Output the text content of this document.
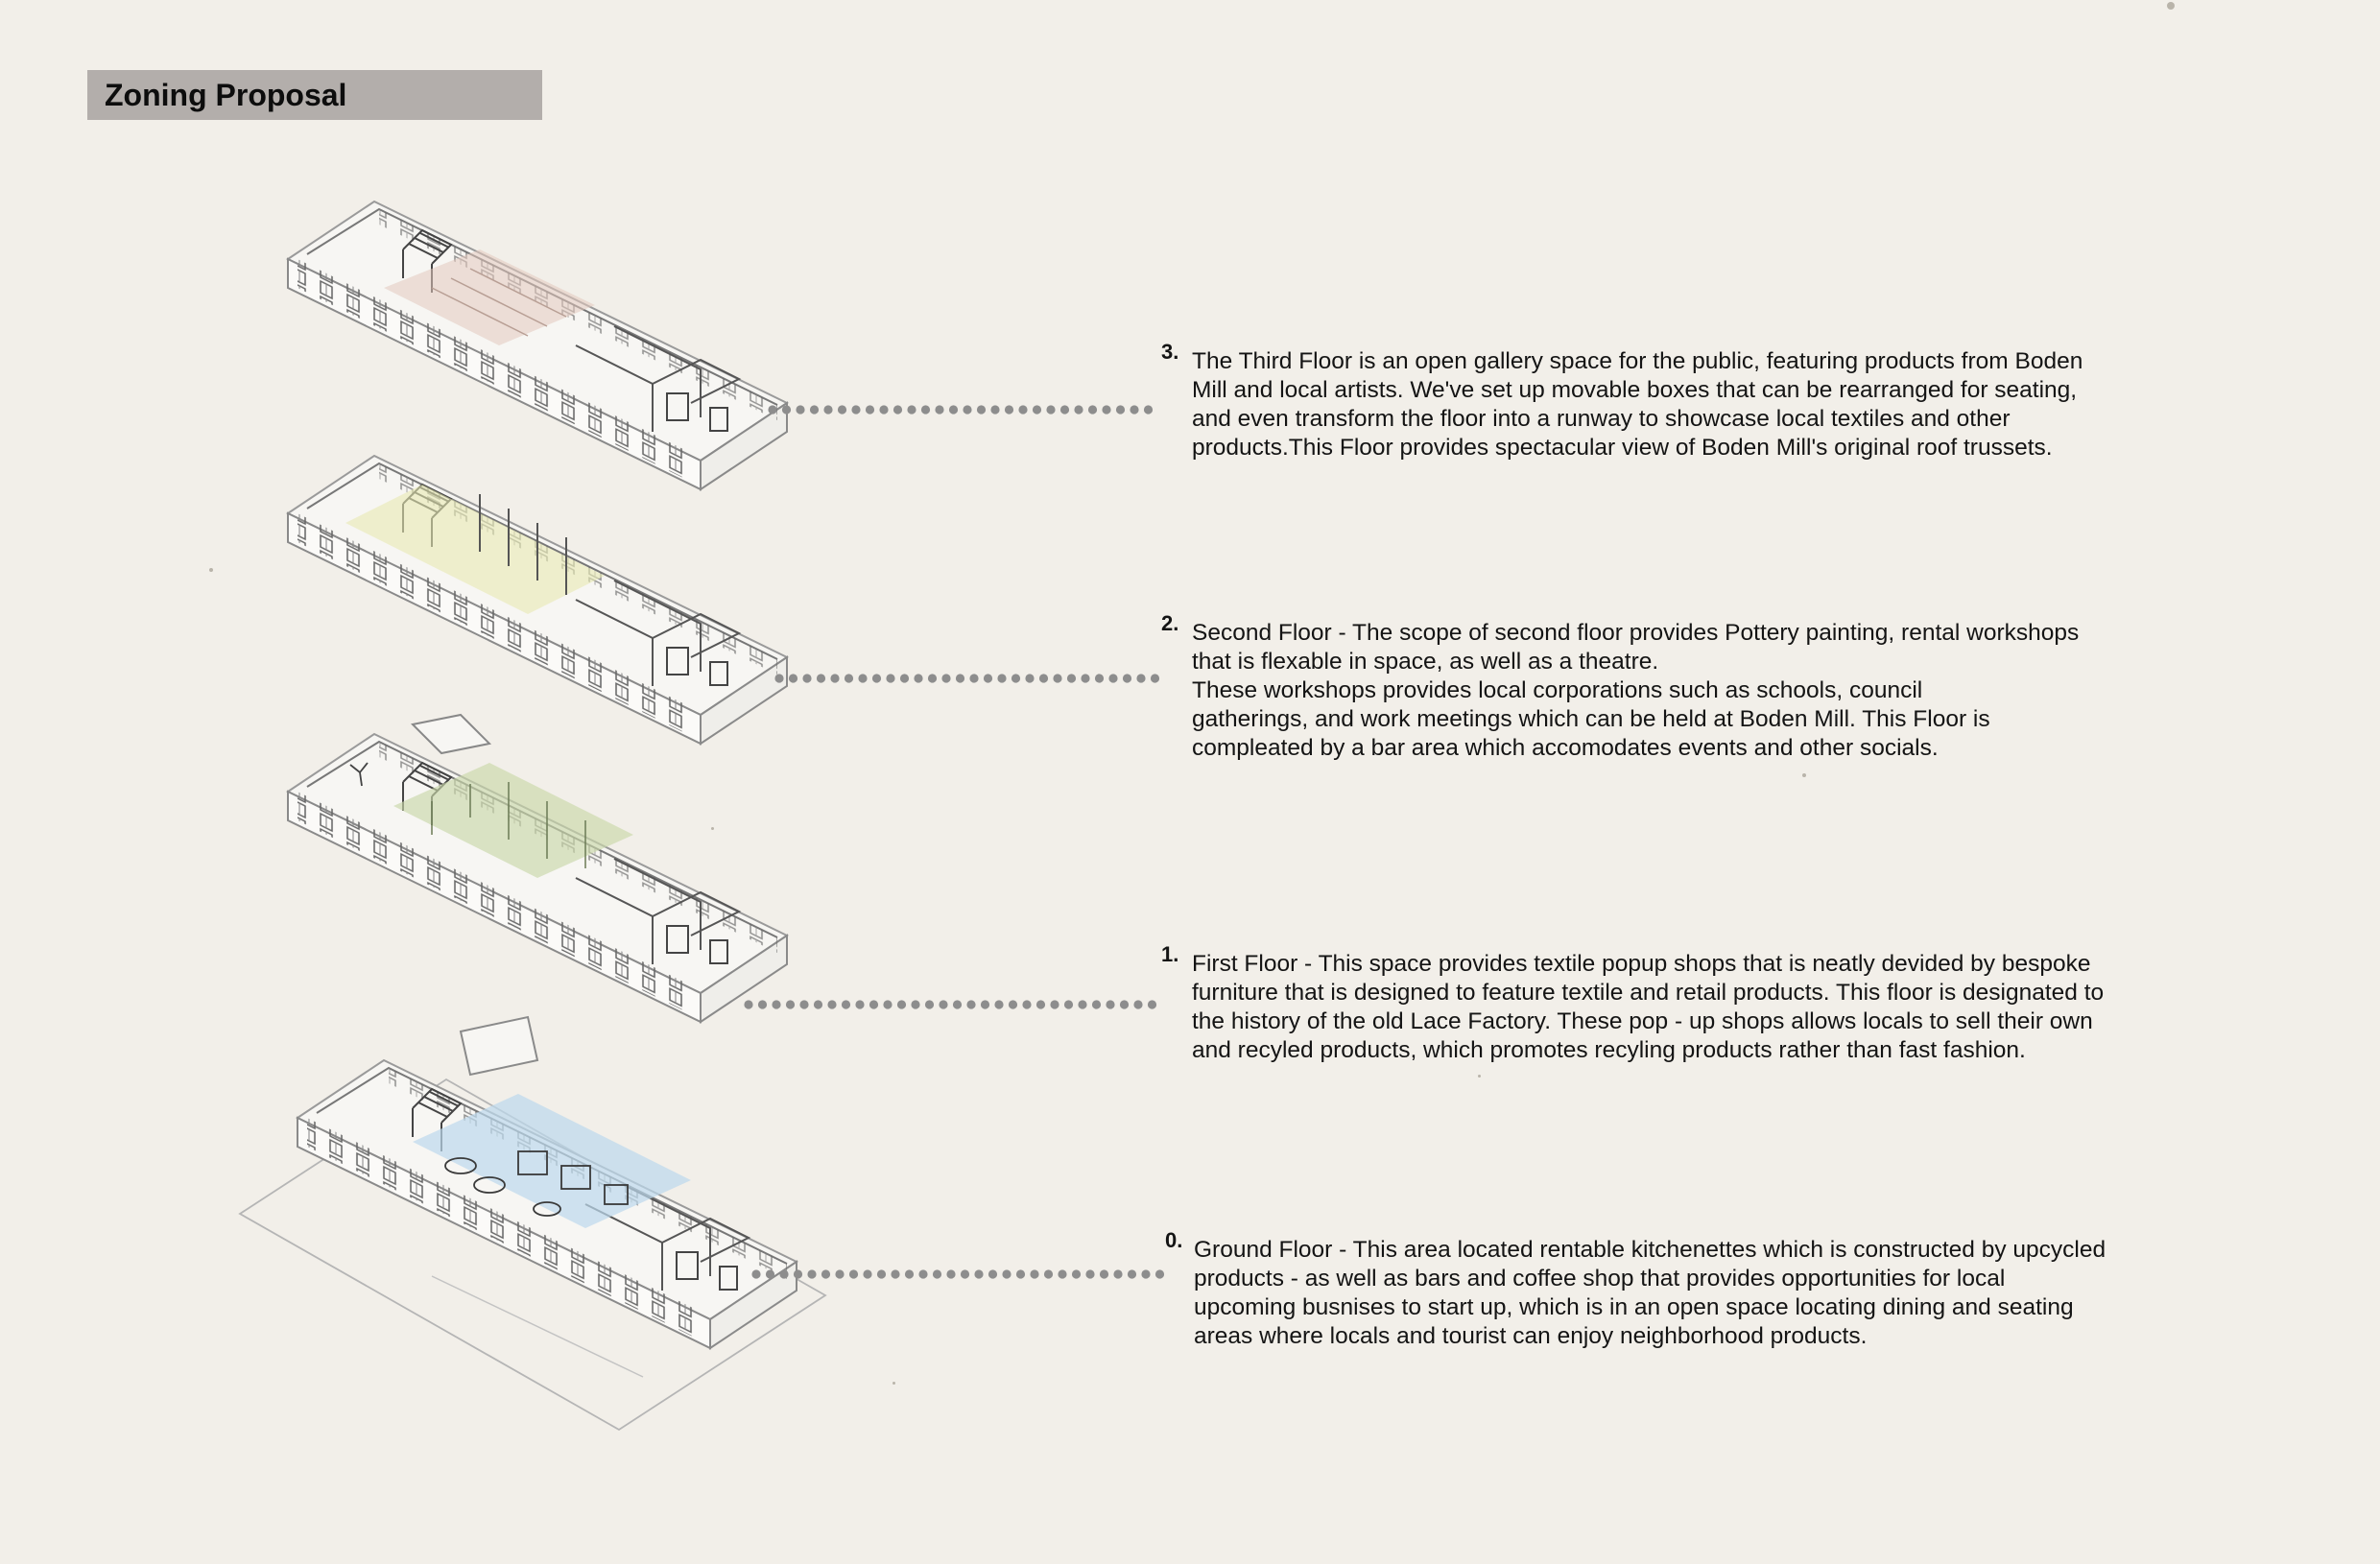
Zoning Proposal
3. The Third Floor is an open gallery space for the public, featuring products from Boden
Mill and local artists. We've set up movable boxes that can be rearranged for seating,
and even transform the floor into a runway to showcase local textiles and other
products.This Floor provides spectacular view of Boden Mill's original roof trussets.
2. Second Floor - The scope of second floor provides Pottery painting, rental workshops
that is flexable in space, as well as a theatre.
These workshops provides local corporations such as schools, council
gatherings, and work meetings which can be held at Boden Mill. This Floor is
compleated by a bar area which accomodates events and other socials.
1. First Floor - This space provides textile popup shops that is neatly devided by bespoke
furniture that is designed to feature textile and retail products. This floor is designated to
the history of the old Lace Factory. These pop - up shops allows locals to sell their own
and recyled products, which promotes recyling products rather than fast fashion.
0. Ground Floor - This area located rentable kitchenettes which is constructed by upcycled
products - as well as bars and coffee shop that provides opportunities for local
upcoming busnises to start up, which is in an open space locating dining and seating
areas where locals and tourist can enjoy neighborhood products.
